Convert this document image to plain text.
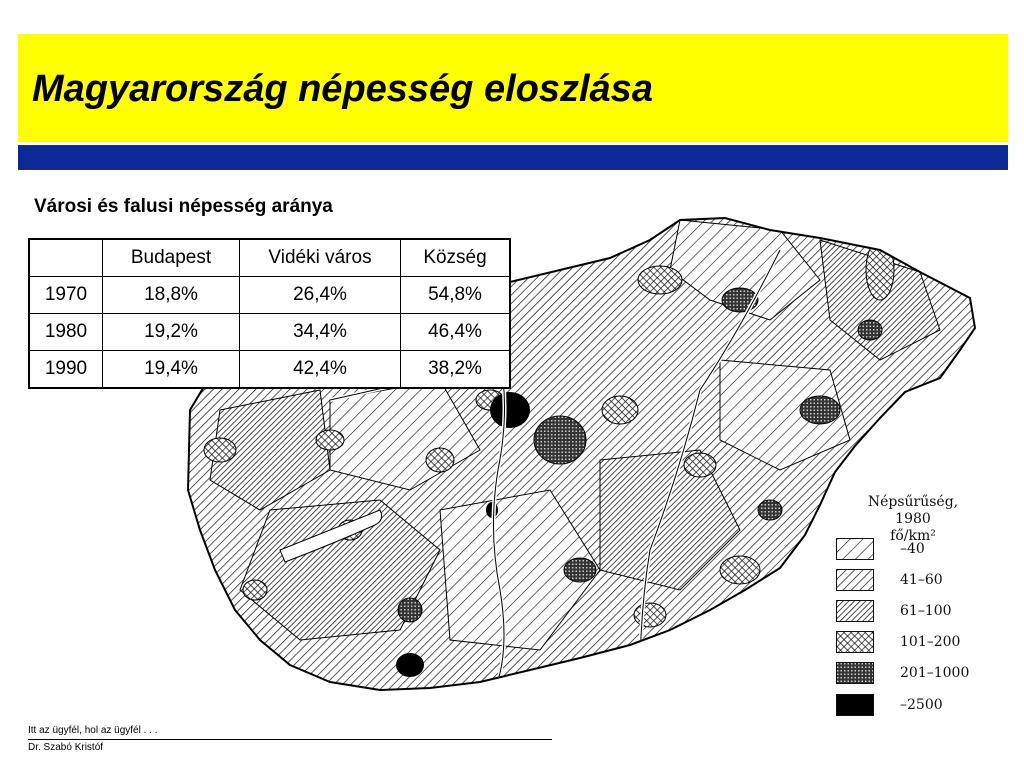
Magyarország népesség eloszlása
Városi és falusi népesség aránya
	Budapest	Vidéki város	Község
1970	18,8%	26,4%	54,8%
1980	19,2%	34,4%	46,4%
1990	19,4%	42,4%	38,2%
Népsűrűség, 1980
fő/km²
–40
41–60
61–100
101–200
201–1000
–2500
Itt az ügyfél, hol az ügyfél . . .
Dr. Szabó Kristóf
